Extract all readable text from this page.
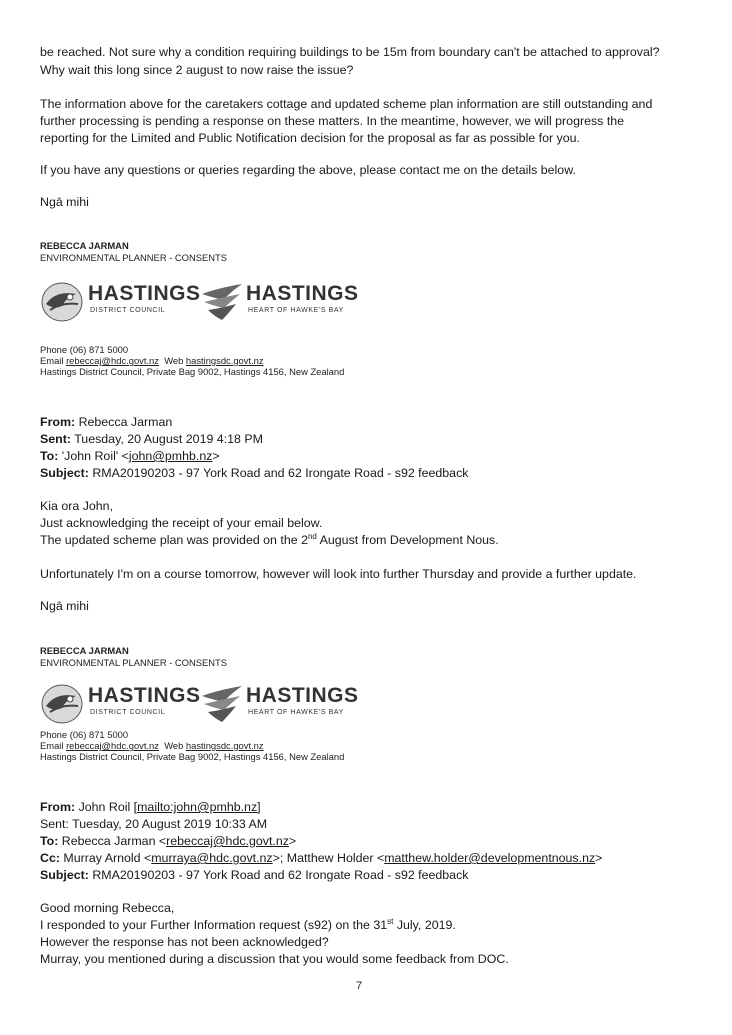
be reached. Not sure why a condition requiring buildings to be 15m from boundary can't be attached to approval?
Why wait this long since 2 august to now raise the issue?
The information above for the caretakers cottage and updated scheme plan information are still outstanding and
further processing is pending a response on these matters. In the meantime, however, we will progress the
reporting for the Limited and Public Notification decision for the proposal as far as possible for you.
If you have any questions or queries regarding the above, please contact me on the details below.
Ngā mihi
REBECCA JARMAN
ENVIRONMENTAL PLANNER - CONSENTS
HASTINGS
DISTRICT COUNCIL
HASTINGS
HEART OF HAWKE'S BAY
Phone (06) 871 5000
Email rebeccaj@hdc.govt.nz Web hastingsdc.govt.nz
Hastings District Council, Private Bag 9002, Hastings 4156, New Zealand
From: Rebecca Jarman
Sent: Tuesday, 20 August 2019 4:18 PM
To: 'John Roil' <john@pmhb.nz>
Subject: RMA20190203 - 97 York Road and 62 Irongate Road - s92 feedback
Kia ora John,
Just acknowledging the receipt of your email below.
The updated scheme plan was provided on the 2nd August from Development Nous.
Unfortunately I'm on a course tomorrow, however will look into further Thursday and provide a further update.
Ngā mihi
REBECCA JARMAN
ENVIRONMENTAL PLANNER - CONSENTS
HASTINGS
DISTRICT COUNCIL
HASTINGS
HEART OF HAWKE'S BAY
Phone (06) 871 5000
Email rebeccaj@hdc.govt.nz Web hastingsdc.govt.nz
Hastings District Council, Private Bag 9002, Hastings 4156, New Zealand
From: John Roil [mailto:john@pmhb.nz]
Sent: Tuesday, 20 August 2019 10:33 AM
To: Rebecca Jarman <rebeccaj@hdc.govt.nz>
Cc: Murray Arnold <murraya@hdc.govt.nz>; Matthew Holder <matthew.holder@developmentnous.nz>
Subject: RMA20190203 - 97 York Road and 62 Irongate Road - s92 feedback
Good morning Rebecca,
I responded to your Further Information request (s92) on the 31st July, 2019.
However the response has not been acknowledged?
Murray, you mentioned during a discussion that you would some feedback from DOC.
7
